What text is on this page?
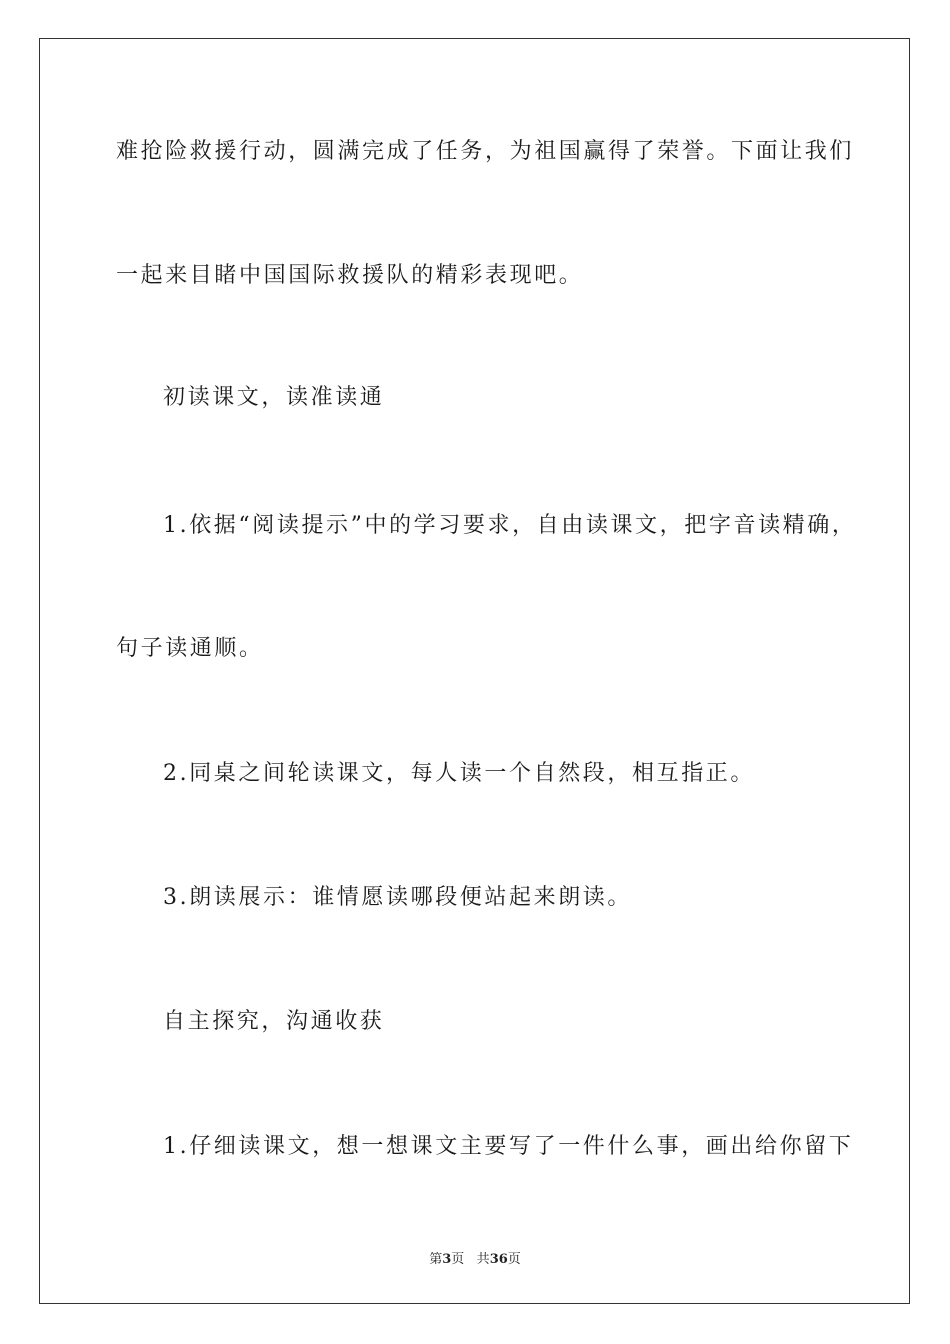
难抢险救援行动，圆满完成了任务，为祖国赢得了荣誉。下面让我们
一起来目睹中国国际救援队的精彩表现吧。
初读课文，读准读通
1.依据“阅读提示”中的学习要求，自由读课文，把字音读精确，
句子读通顺。
2.同桌之间轮读课文，每人读一个自然段，相互指正。
3.朗读展示：谁情愿读哪段便站起来朗读。
自主探究，沟通收获
1.仔细读课文，想一想课文主要写了一件什么事，画出给你留下
第3页 共36页
